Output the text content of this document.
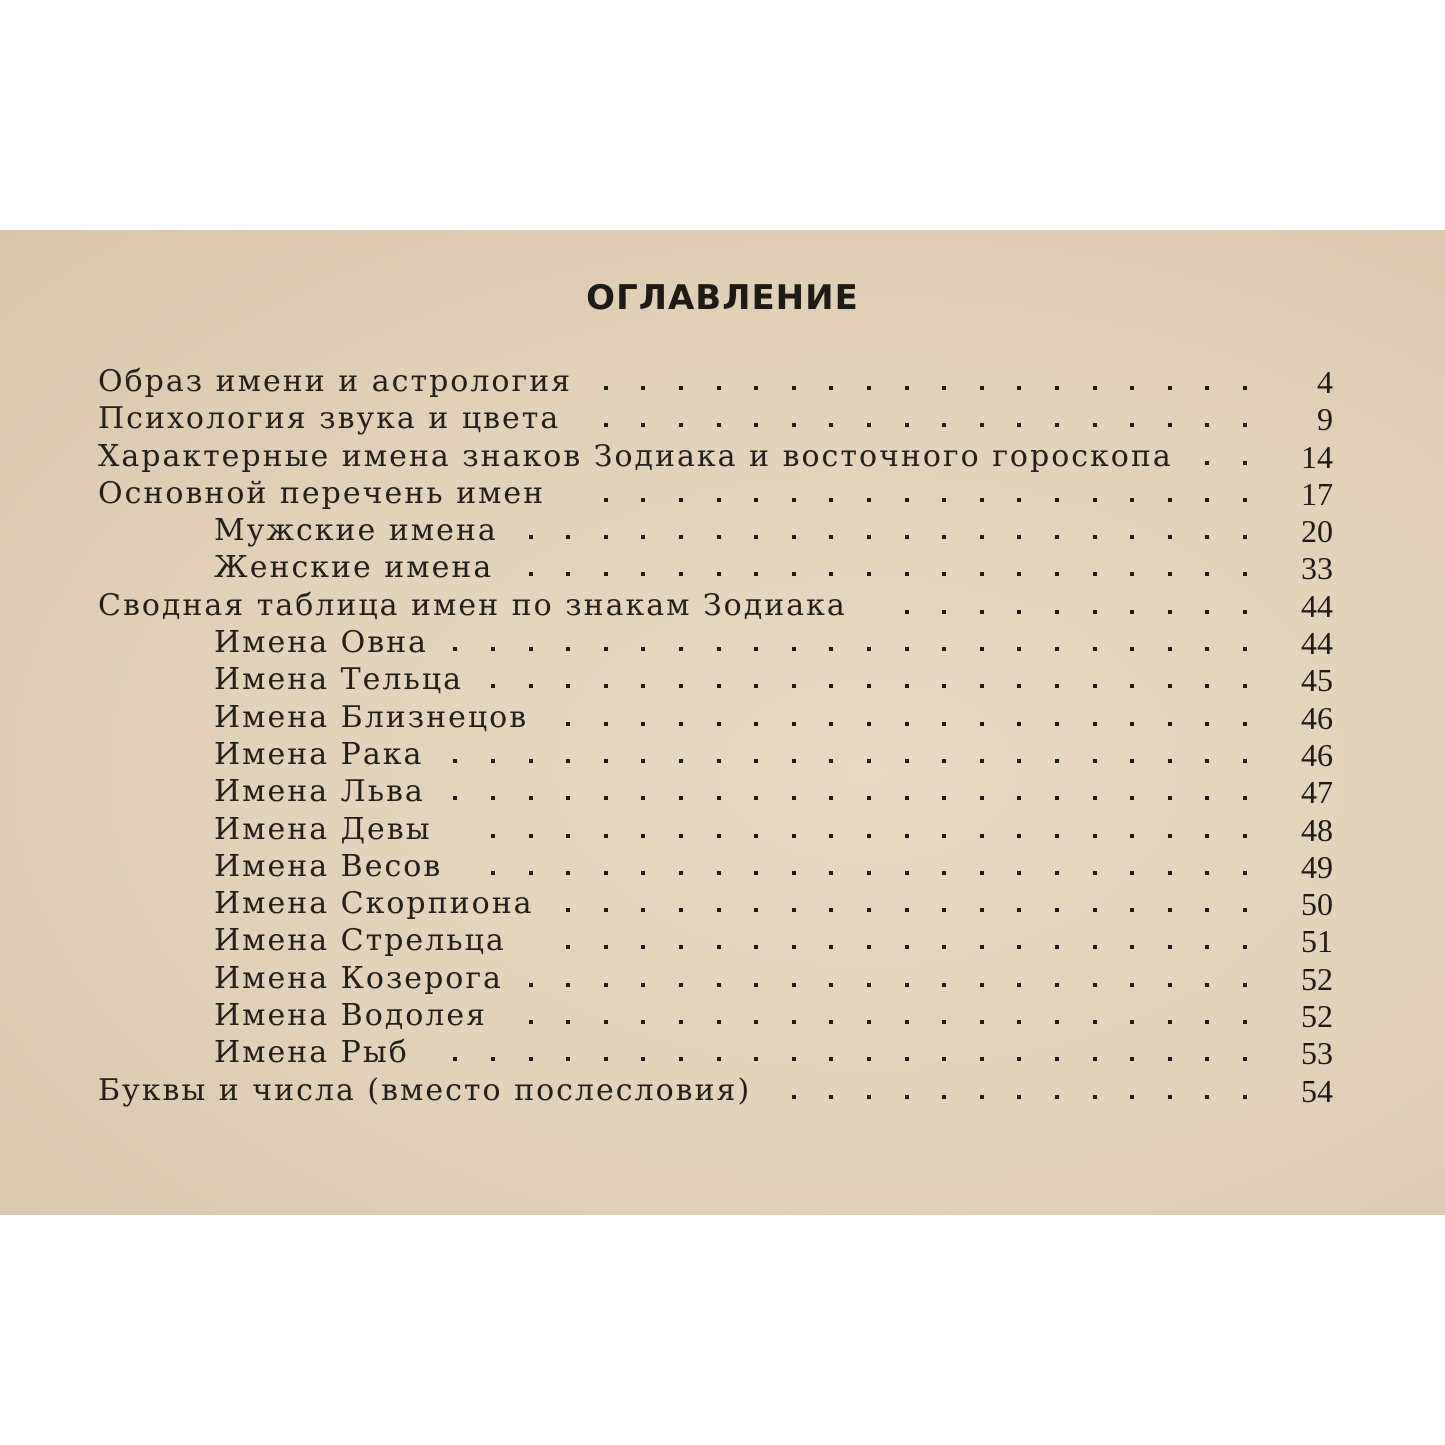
ОГЛАВЛЕНИЕ
Образ имени и астрология	4
Психология звука и цвета	9
Характерные имена знаков Зодиака и восточного гороскопа	14
Основной перечень имен	17
Мужские имена	20
Женские имена	33
Сводная таблица имен по знакам Зодиака	44
Имена Овна	44
Имена Тельца	45
Имена Близнецов	46
Имена Рака	46
Имена Льва	47
Имена Девы	48
Имена Весов	49
Имена Скорпиона	50
Имена Стрельца	51
Имена Козерога	52
Имена Водолея	52
Имена Рыб	53
Буквы и числа (вместо послесловия)	54
